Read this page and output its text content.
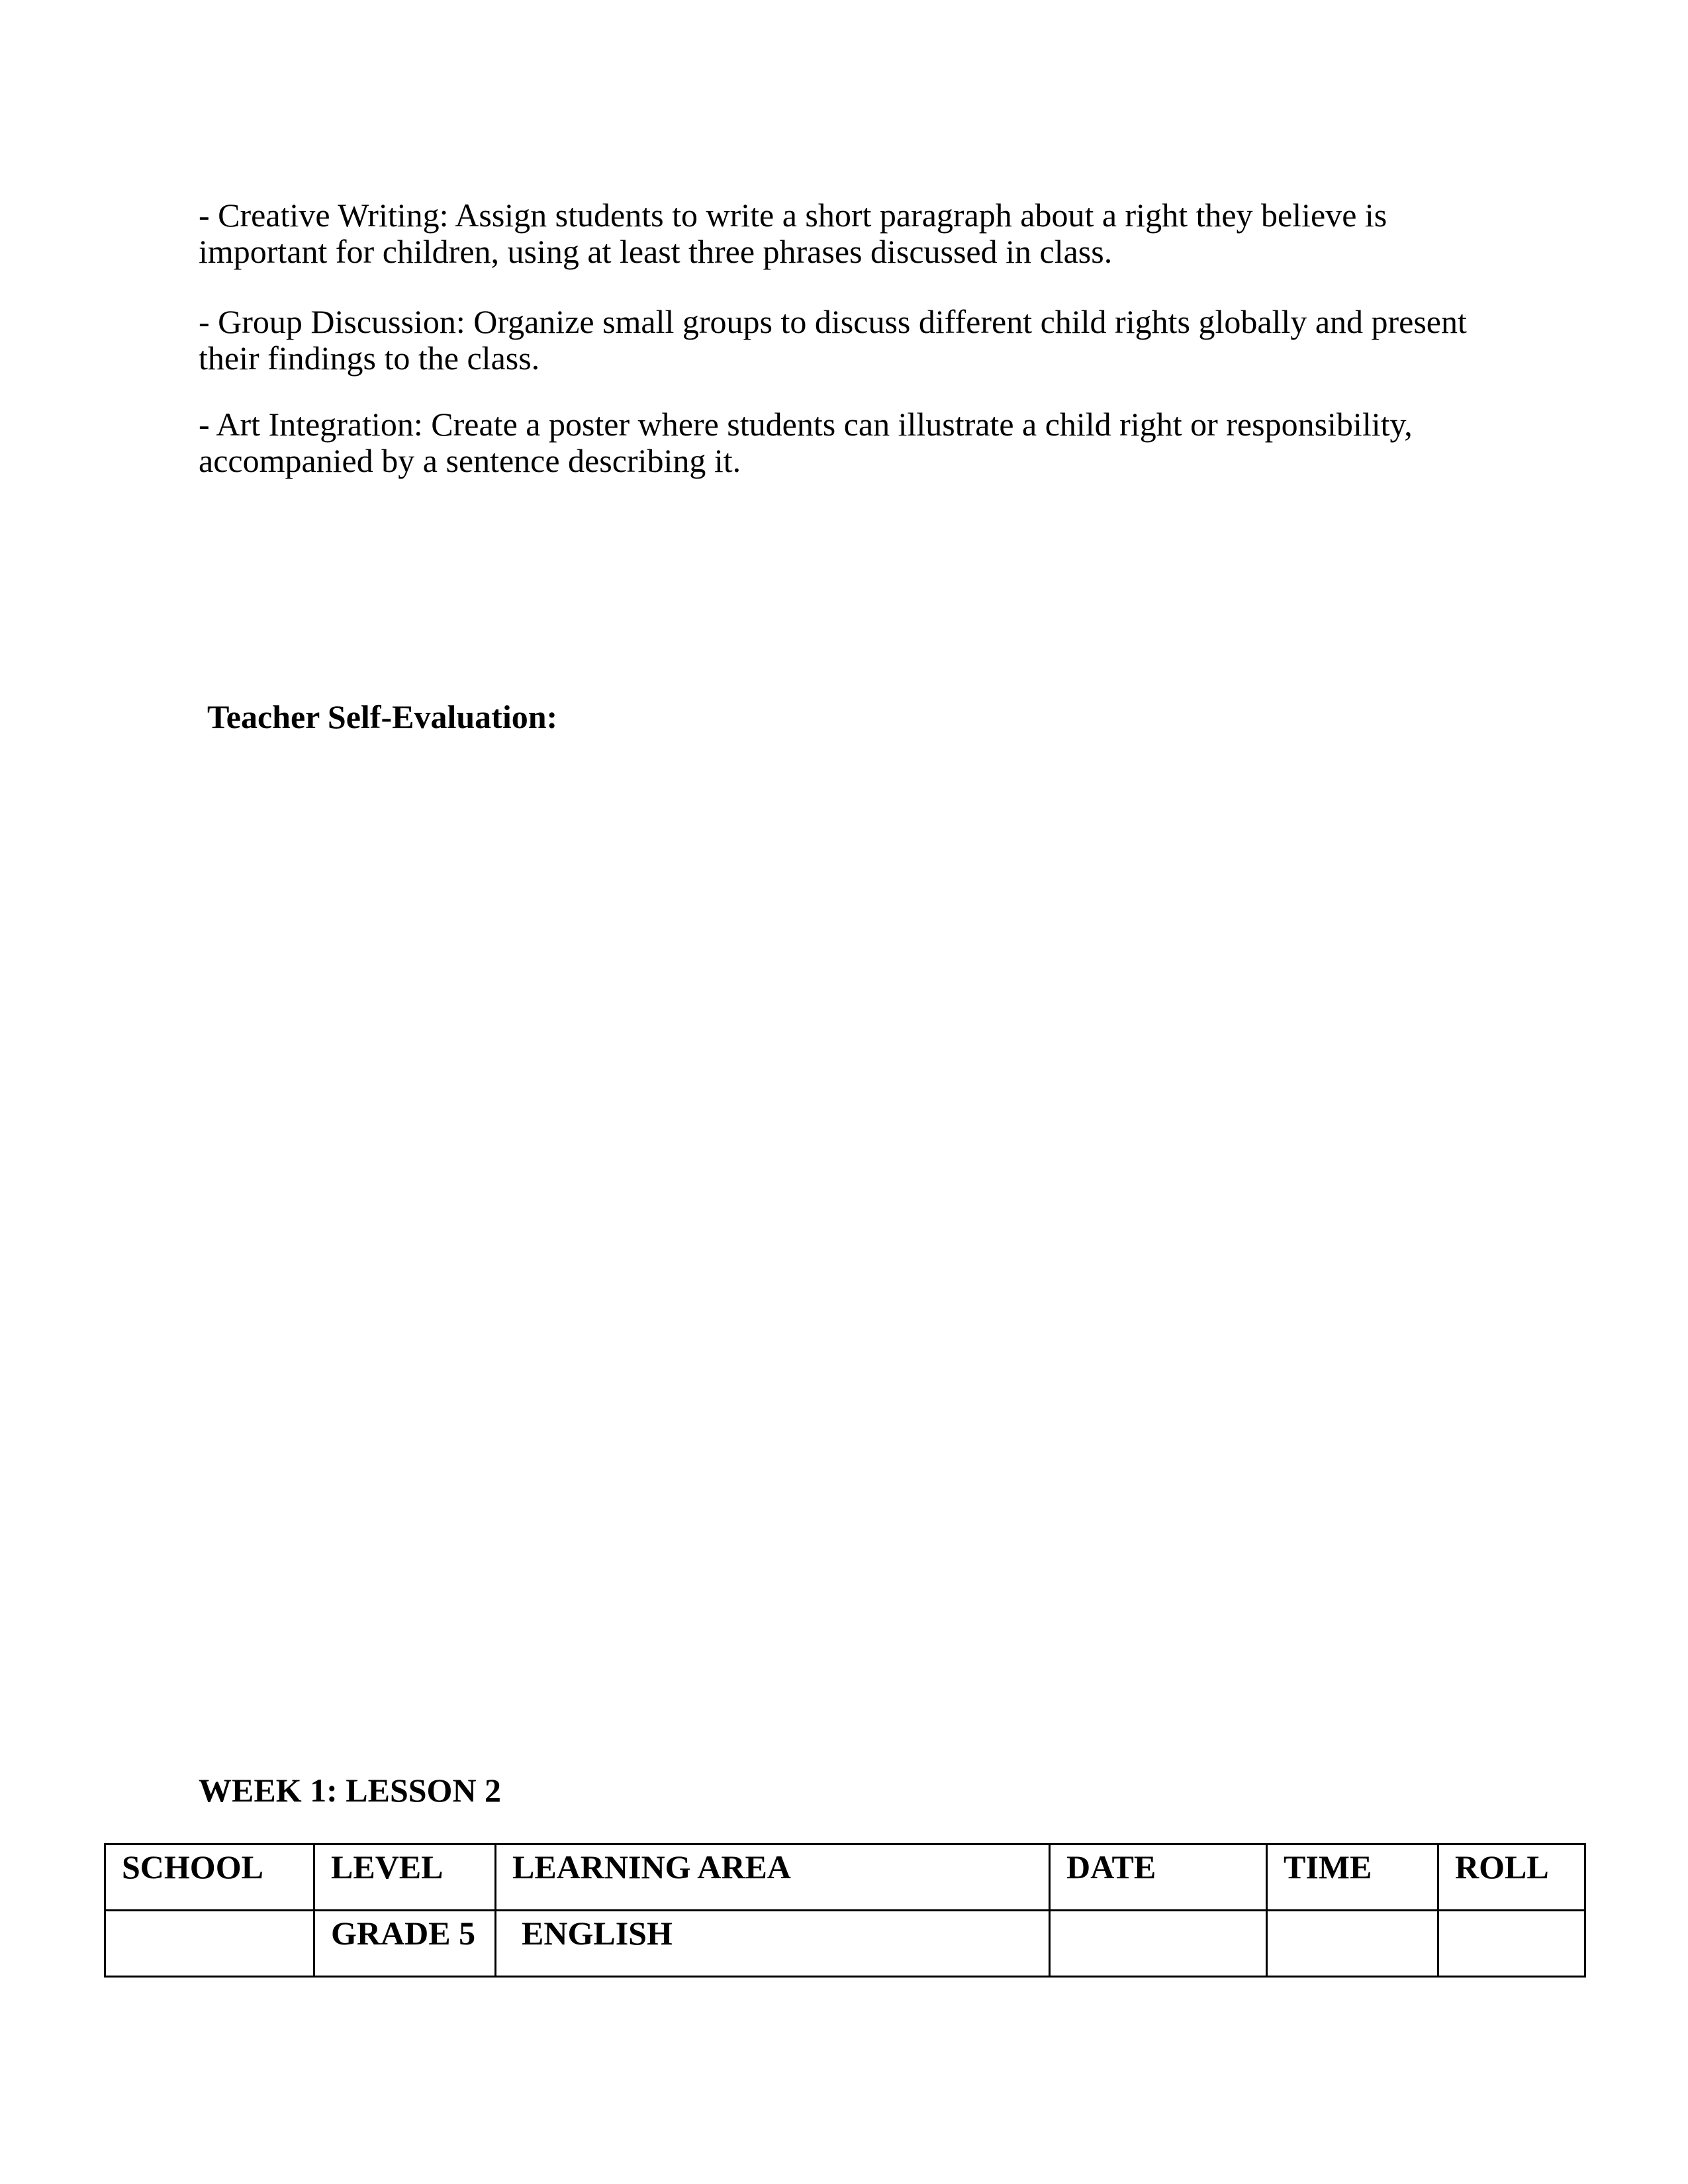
- Creative Writing: Assign students to write a short paragraph about a right they believe is important for children, using at least three phrases discussed in class.
- Group Discussion: Organize small groups to discuss different child rights globally and present their findings to the class.
- Art Integration: Create a poster where students can illustrate a child right or responsibility, accompanied by a sentence describing it.
Teacher Self-Evaluation:
WEEK 1: LESSON 2
SCHOOL	LEVEL	LEARNING AREA	DATE	TIME	ROLL
	GRADE 5	ENGLISH			
